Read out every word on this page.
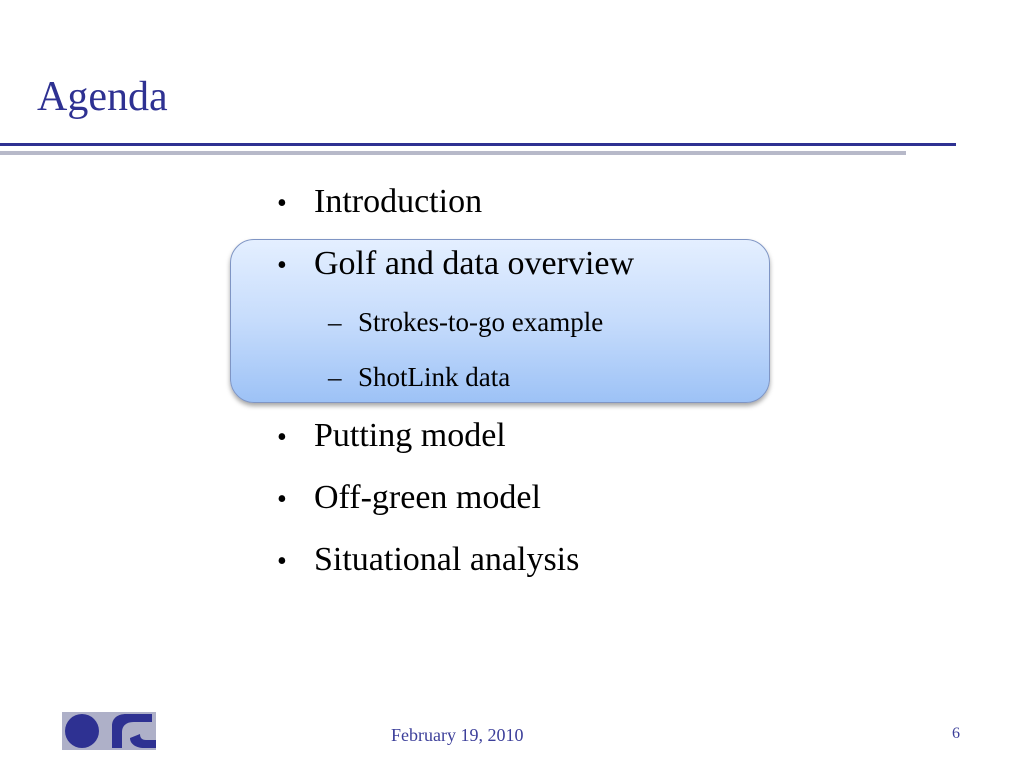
Agenda
• Introduction
• Golf and data overview
– Strokes-to-go example
– ShotLink data
• Putting model
• Off-green model
• Situational analysis
February 19, 2010	6
